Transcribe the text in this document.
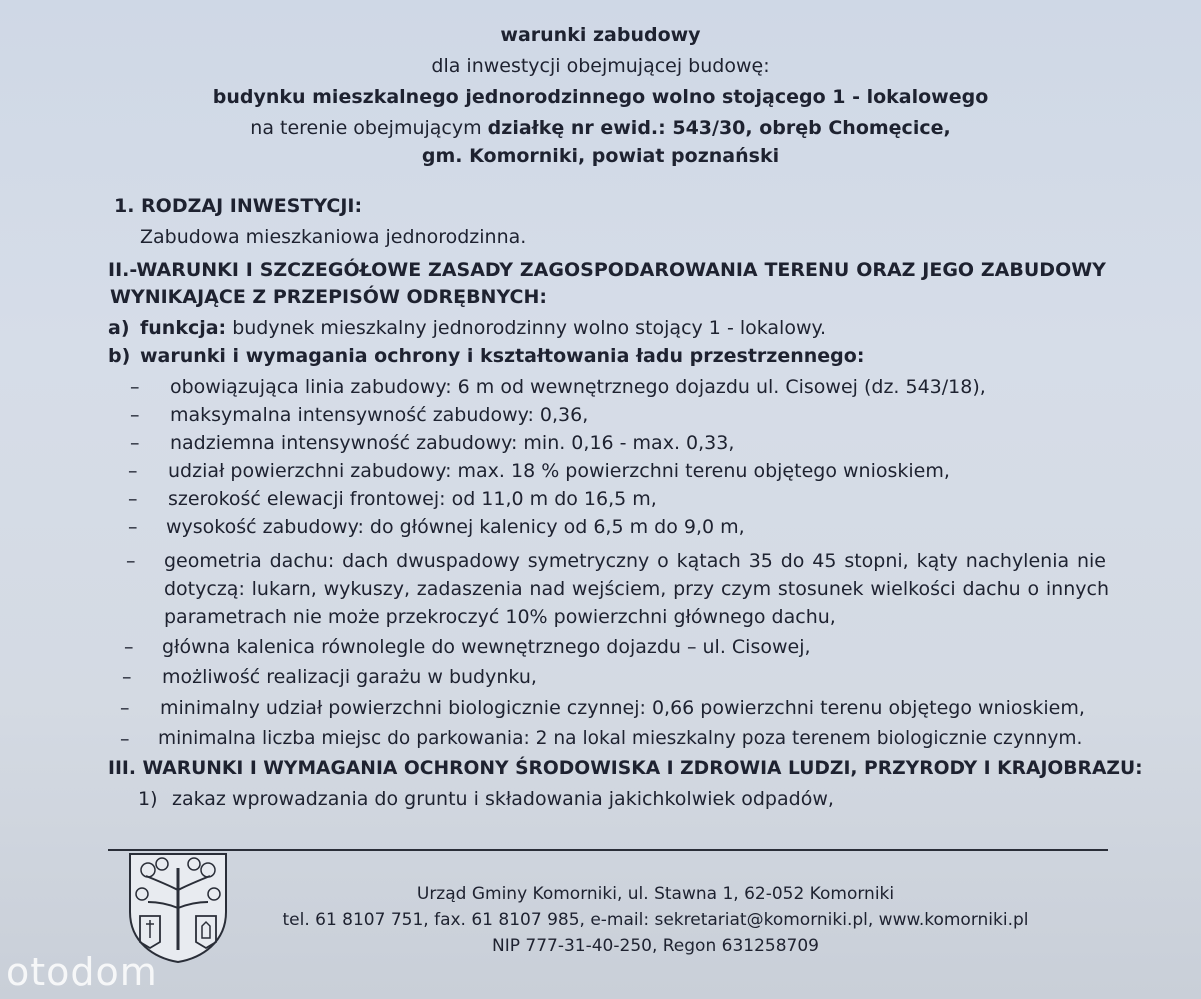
warunki zabudowy
dla inwestycji obejmującej budowę:
budynku mieszkalnego jednorodzinnego wolno stojącego 1 - lokalowego
na terenie obejmującym działkę nr ewid.: 543/30, obręb Chomęcice,
gm. Komorniki, powiat poznański
1. RODZAJ INWESTYCJI:
Zabudowa mieszkaniowa jednorodzinna.
II.-WARUNKI I SZCZEGÓŁOWE ZASADY ZAGOSPODAROWANIA TERENU ORAZ JEGO ZABUDOWY
WYNIKAJĄCE Z PRZEPISÓW ODRĘBNYCH:
a) funkcja: budynek mieszkalny jednorodzinny wolno stojący 1 - lokalowy.
b) warunki i wymagania ochrony i kształtowania ładu przestrzennego:
– obowiązująca linia zabudowy: 6 m od wewnętrznego dojazdu ul. Cisowej (dz. 543/18),
– maksymalna intensywność zabudowy: 0,36,
– nadziemna intensywność zabudowy: min. 0,16 - max. 0,33,
– udział powierzchni zabudowy: max. 18 % powierzchni terenu objętego wnioskiem,
– szerokość elewacji frontowej: od 11,0 m do 16,5 m,
– wysokość zabudowy: do głównej kalenicy od 6,5 m do 9,0 m,
– geometria dachu: dach dwuspadowy symetryczny o kątach 35 do 45 stopni, kąty nachylenia nie
dotyczą: lukarn, wykuszy, zadaszenia nad wejściem, przy czym stosunek wielkości dachu o innych
parametrach nie może przekroczyć 10% powierzchni głównego dachu,
– główna kalenica równolegle do wewnętrznego dojazdu – ul. Cisowej,
– możliwość realizacji garażu w budynku,
– minimalny udział powierzchni biologicznie czynnej: 0,66 powierzchni terenu objętego wnioskiem,
– minimalna liczba miejsc do parkowania: 2 na lokal mieszkalny poza terenem biologicznie czynnym.
III. WARUNKI I WYMAGANIA OCHRONY ŚRODOWISKA I ZDROWIA LUDZI, PRZYRODY I KRAJOBRAZU:
1) zakaz wprowadzania do gruntu i składowania jakichkolwiek odpadów,
Urząd Gminy Komorniki, ul. Stawna 1, 62-052 Komorniki
tel. 61 8107 751, fax. 61 8107 985, e-mail: sekretariat@komorniki.pl, www.komorniki.pl
NIP 777-31-40-250, Regon 631258709
otodom
